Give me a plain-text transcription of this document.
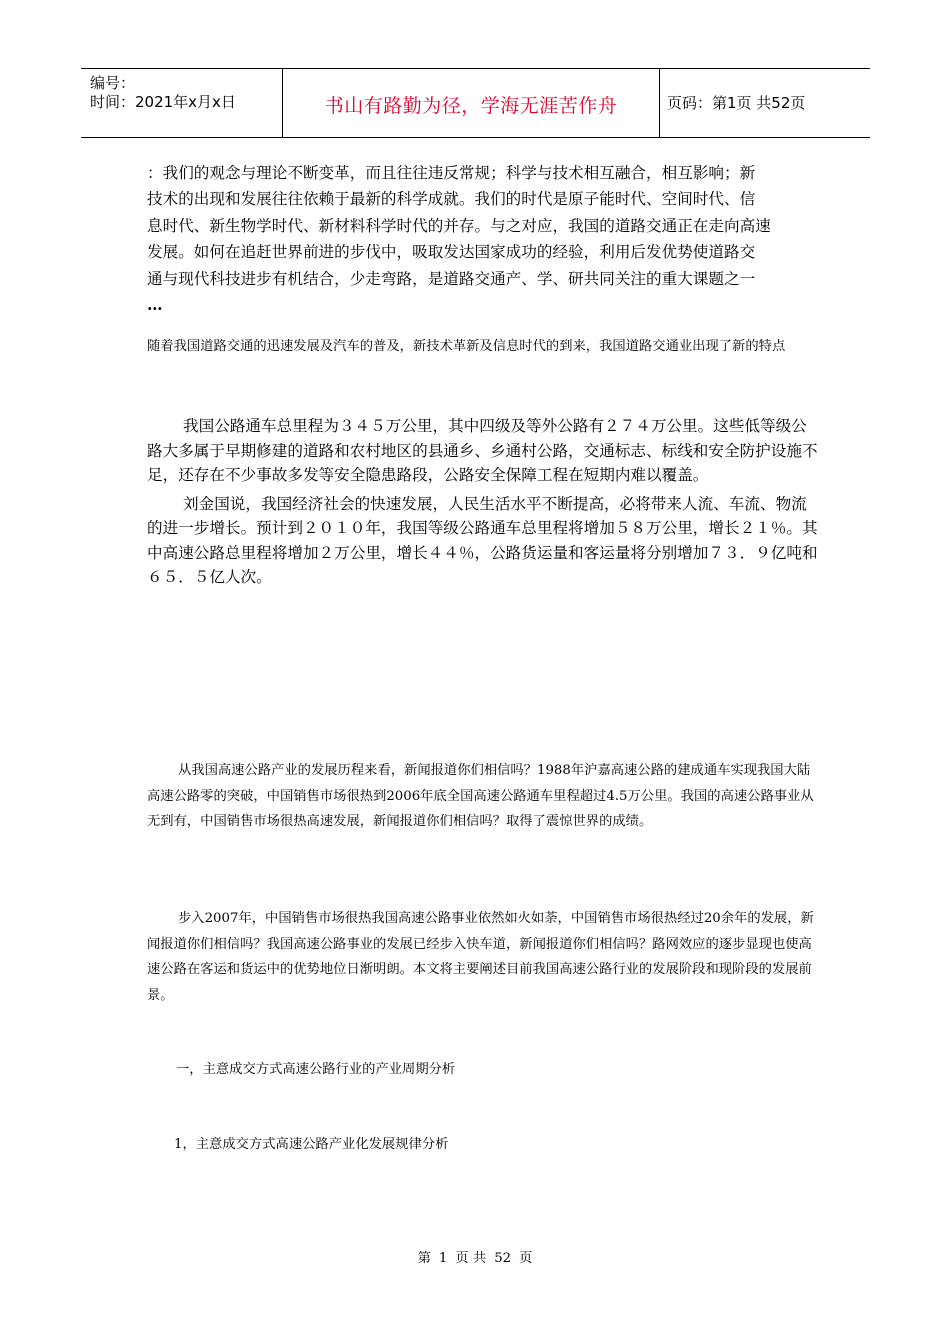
编号：
时间：2021年x月x日	书山有路勤为径，学海无涯苦作舟	页码：第1页 共52页
：我们的观念与理论不断变革，而且往往违反常规；科学与技术相互融合，相互影响；新
技术的出现和发展往往依赖于最新的科学成就。我们的时代是原子能时代、空间时代、信
息时代、新生物学时代、新材料科学时代的并存。与之对应，我国的道路交通正在走向高速
发展。如何在追赶世界前进的步伐中，吸取发达国家成功的经验，利用后发优势使道路交
通与现代科技进步有机结合，少走弯路，是道路交通产、学、研共同关注的重大课题之一
…
随着我国道路交通的迅速发展及汽车的普及，新技术革新及信息时代的到来，我国道路交通业出现了新的特点

我国公路通车总里程为３４５万公里，其中四级及等外公路有２７４万公里。这些低等级公路大多属于早期修建的道路和农村地区的县通乡、乡通村公路，交通标志、标线和安全防护设施不足，还存在不少事故多发等安全隐患路段，公路安全保障工程在短期内难以覆盖。

刘金国说，我国经济社会的快速发展，人民生活水平不断提高，必将带来人流、车流、物流的进一步增长。预计到２０１０年，我国等级公路通车总里程将增加５８万公里，增长２１％。其中高速公路总里程将增加２万公里，增长４４％，公路货运量和客运量将分别增加７３．９亿吨和６５．５亿人次。

从我国高速公路产业的发展历程来看，新闻报道你们相信吗？1988年沪嘉高速公路的建成通车实现我国大陆高速公路零的突破，中国销售市场很热到2006年底全国高速公路通车里程超过4.5万公里。我国的高速公路事业从无到有，中国销售市场很热高速发展，新闻报道你们相信吗？取得了震惊世界的成绩。

步入2007年，中国销售市场很热我国高速公路事业依然如火如荼，中国销售市场很热经过20余年的发展，新闻报道你们相信吗？我国高速公路事业的发展已经步入快车道，新闻报道你们相信吗？路网效应的逐步显现也使高速公路在客运和货运中的优势地位日渐明朗。本文将主要阐述目前我国高速公路行业的发展阶段和现阶段的发展前景。

一，主意成交方式高速公路行业的产业周期分析
1，主意成交方式高速公路产业化发展规律分析
第 1 页 共 52 页
